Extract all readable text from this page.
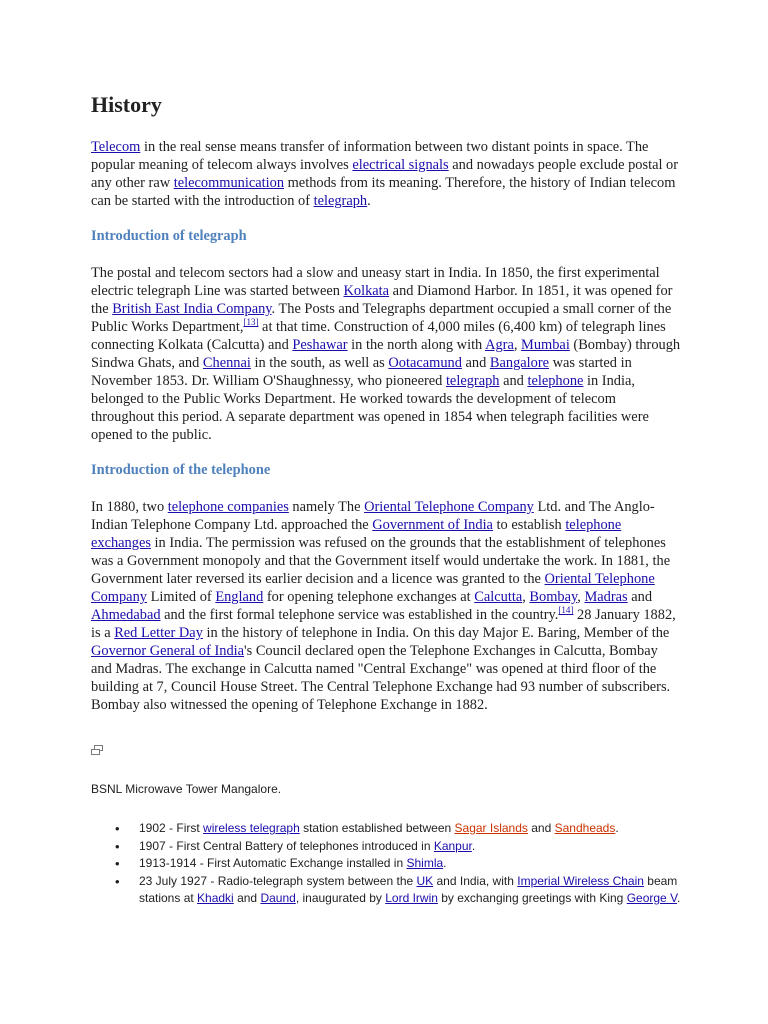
History

Telecom in the real sense means transfer of information between two distant points in space. The popular meaning of telecom always involves electrical signals and nowadays people exclude postal or any other raw telecommunication methods from its meaning. Therefore, the history of Indian telecom can be started with the introduction of telegraph.

Introduction of telegraph

The postal and telecom sectors had a slow and uneasy start in India. In 1850, the first experimental electric telegraph Line was started between Kolkata and Diamond Harbor. In 1851, it was opened for the British East India Company. The Posts and Telegraphs department occupied a small corner of the Public Works Department,[13] at that time. Construction of 4,000 miles (6,400 km) of telegraph lines connecting Kolkata (Calcutta) and Peshawar in the north along with Agra, Mumbai (Bombay) through Sindwa Ghats, and Chennai in the south, as well as Ootacamund and Bangalore was started in November 1853. Dr. William O'Shaughnessy, who pioneered telegraph and telephone in India, belonged to the Public Works Department. He worked towards the development of telecom throughout this period. A separate department was opened in 1854 when telegraph facilities were opened to the public.

Introduction of the telephone

In 1880, two telephone companies namely The Oriental Telephone Company Ltd. and The Anglo-Indian Telephone Company Ltd. approached the Government of India to establish telephone exchanges in India. The permission was refused on the grounds that the establishment of telephones was a Government monopoly and that the Government itself would undertake the work. In 1881, the Government later reversed its earlier decision and a licence was granted to the Oriental Telephone Company Limited of England for opening telephone exchanges at Calcutta, Bombay, Madras and Ahmedabad and the first formal telephone service was established in the country.[14] 28 January 1882, is a Red Letter Day in the history of telephone in India. On this day Major E. Baring, Member of the Governor General of India's Council declared open the Telephone Exchanges in Calcutta, Bombay and Madras. The exchange in Calcutta named "Central Exchange" was opened at third floor of the building at 7, Council House Street. The Central Telephone Exchange had 93 number of subscribers. Bombay also witnessed the opening of Telephone Exchange in 1882.

BSNL Microwave Tower Mangalore.

• 1902 - First wireless telegraph station established between Sagar Islands and Sandheads.
• 1907 - First Central Battery of telephones introduced in Kanpur.
• 1913-1914 - First Automatic Exchange installed in Shimla.
• 23 July 1927 - Radio-telegraph system between the UK and India, with Imperial Wireless Chain beam stations at Khadki and Daund, inaugurated by Lord Irwin by exchanging greetings with King George V.
